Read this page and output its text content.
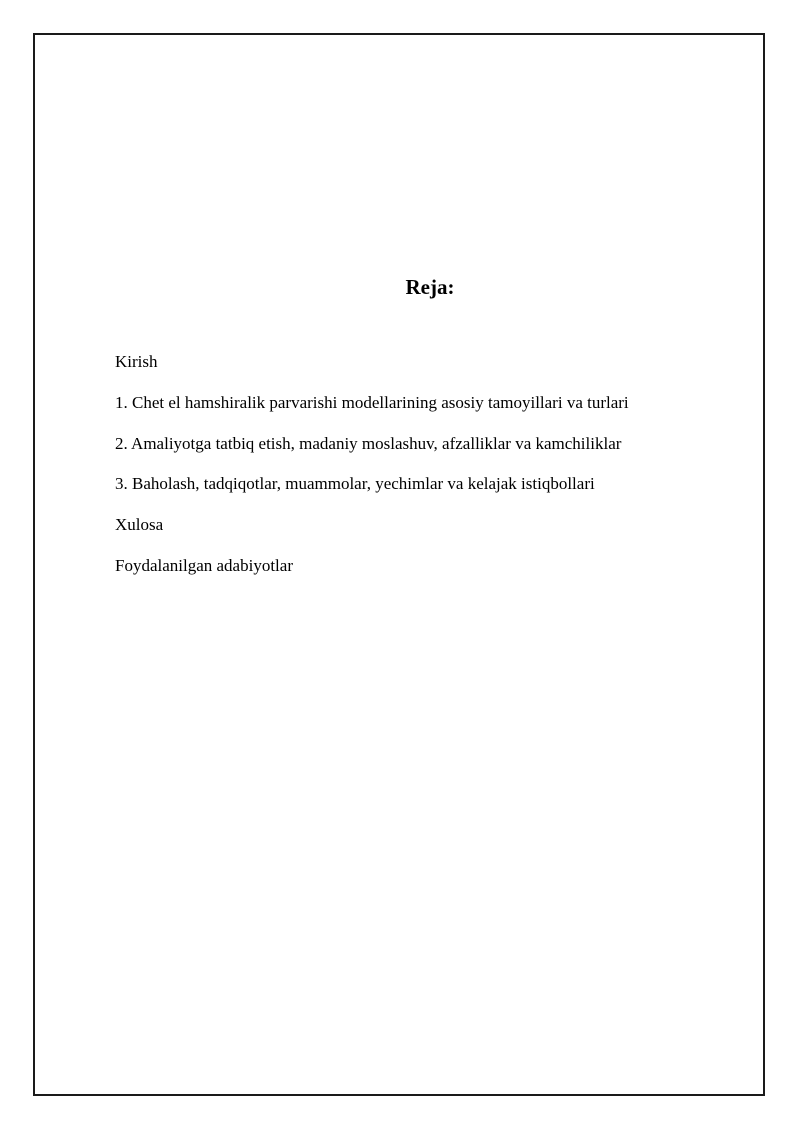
Reja:
Kirish
1. Chet el hamshiralik parvarishi modellarining asosiy tamoyillari va turlari
2. Amaliyotga tatbiq etish, madaniy moslashuv, afzalliklar va kamchiliklar
3. Baholash, tadqiqotlar, muammolar, yechimlar va kelajak istiqbollari
Xulosa
Foydalanilgan adabiyotlar
